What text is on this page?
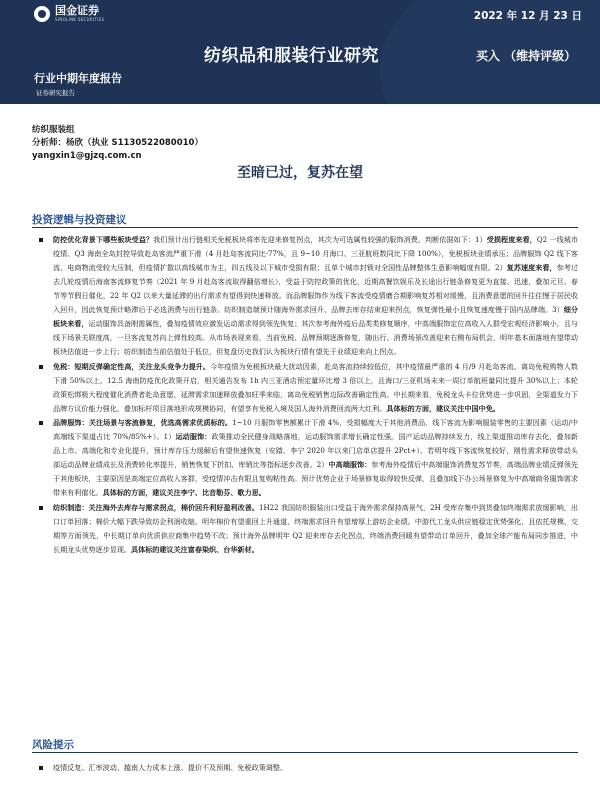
国金证券
SINOLINK SECURITIES	2022 年 12 月 23 日
纺织品和服装行业研究	买入 （维持评级）
行业中期年度报告
证券研究报告
纺织服装组
分析师：杨欣（执业 S1130522080010）
yangxin1@gjzq.com.cn
至暗已过，复苏在望
投资逻辑与投资建议
防控优化背景下哪些板块受益？我们预计出行链相关免税板块将率先迎来修复拐点，其次为可选属性较强的服饰消费。判断依据如下：1）受损程度来看，Q2 一线城市疫情、Q3 海南全岛封控导致赴岛客流严重下滑（4 月赴岛客流同比-77%，且 9~10 月海口、三亚航班数同比下降 100%），免税板块业绩承压；品牌服饰 Q2 线下客流、电商物流受较大压制，但疫情扩散以高线城市为主，四五线及以下城市受损有限；且单个城市封锁对全国性品牌整体生意影响幅度有限。2）复苏速度来看，参考过去几轮疫情后海南客流修复节奏（2021 年 9 月赴岛客流取得翻倍增长），受益于防控政策的优化，近期高餐饮娱乐及长途出行链条修复更为直接、迅速，叠加元旦、春节等节假日催化，22 年 Q2 以来大量延滞的出行需求有望得到快速释放。而品牌服饰作为线下客流受疫情磨合期影响复苏相对缓慢，且消费意愿的回升往往慢于居民收入回升，因此恢复预计略滞后于必选消费与出行链条。纺织制造端预计随海外需求回升、品牌去库存结束迎来拐点，恢复弹性最小且恢复速度慢于国内品牌端。3）细分板块来看，运动服饰具备刚需属性，叠加疫情效应激发运动需求得到领先恢复；其次参考海外疫后品类类修复顺序，中高端服饰定位高收入人群受宏观经济影响小，且与线下场景关联度高，一旦客流复苏向上弹性较高。从市场表现来看，当前免税、品牌预期逐渐修复，随出行、消费场景改善迎来右侧布局机会，明年基本面落地有望带动板块估值进一步上行；纺织制造当前估值处于低位，但复盘历史我们认为板块行情有望先于业绩迎来向上拐点。
免税：短期反弹确定性高，关注龙头竞争力提升。今年疫情为免税板块最大扰动因素，赴岛客流持续较低位，其中疫情最严重的 4 月/9 月赴岛客流、离岛免税购物人数下滑 50%以上。12.5 海南防疫优化政策开启，相关通告发布 1h 内三亚酒店预定量环比增 3 倍以上，且海口/三亚机场未来一周订单航班量同比提升 30%以上；本轮政策松绑极大程度催化消费者赴岛意愿，延滞需求加速释放叠加旺季来临，离岛免税销售边际改善确定性高。中长期来看，免税龙头卡位优势进一步巩固，全渠道发力下品牌方议价能力强化，叠加标杆项目落地形成规模协同，有望享有免税入境及国人海外消费回流两大红利。具体标的方面，建议关注中国中免。
品牌服饰：关注场景与客流修复，优选高需求优质标的。1~10 月服饰零售额累计下滑 4%，受损幅度大于其他消费品，线下客流为影响服装零售的主要因素（运动/中高端线下渠道占比 70%/85%+）。1）运动服饰：政策推动全民健身战略落地，运动服饰需求增长确定性强。国产运动品牌持续发力，线上渠道推动库存去化，叠加新品上市、高端化和专业化提升，预计库存压力缓解后有望快速恢复（安踏、李宁 2020 年以来门店单店提升 2Pct+）。若明年线下客流恢复较好，刚性需求释放带动头部运动品牌业绩成长及消费转化率提升，销售恢复下折扣、库销比等指标逐步改善。2）中高端服饰：参考海外疫情后中高端服饰消费复苏节奏，高端品牌业绩反弹领先于其他板块，主要原因是高端定位高收入客群，受疫情冲击有限且复购粘性高。预计优势企业于场景修复取得较快反弹，且叠加线下办公场景修复为中高端商务服饰需求带来有利催化。具体标的方面，建议关注李宁、比音勒芬、歌力思。
纺织制造：关注海外去库存与需求拐点，棉价回升利好盈利改善。1H22 我国纺织服装出口受益于海外需求保持高景气，2H 受库存集中到货叠加终端需求放缓影响，出口订单回落；棉价大幅下跌导致纺企利润收缩。明年棉价有望重回上升通道，终端需求回升有望增厚上游纺企业绩。中游代工龙头供应链稳定优势强化，且依托规模、交期等方面领先，中长期订单向优质供应商集中趋势不改；预计海外品牌明年 Q2 迎来库存去化拐点，终端消费回暖有望带动订单回升，叠加全球产能布局同步推进，中长期龙头优势逐步显现。具体标的建议关注富春染织、台华新材。
风险提示
疫情反复、汇率波动、越南人力成本上涨、提价不及预期、免税政策调整。
